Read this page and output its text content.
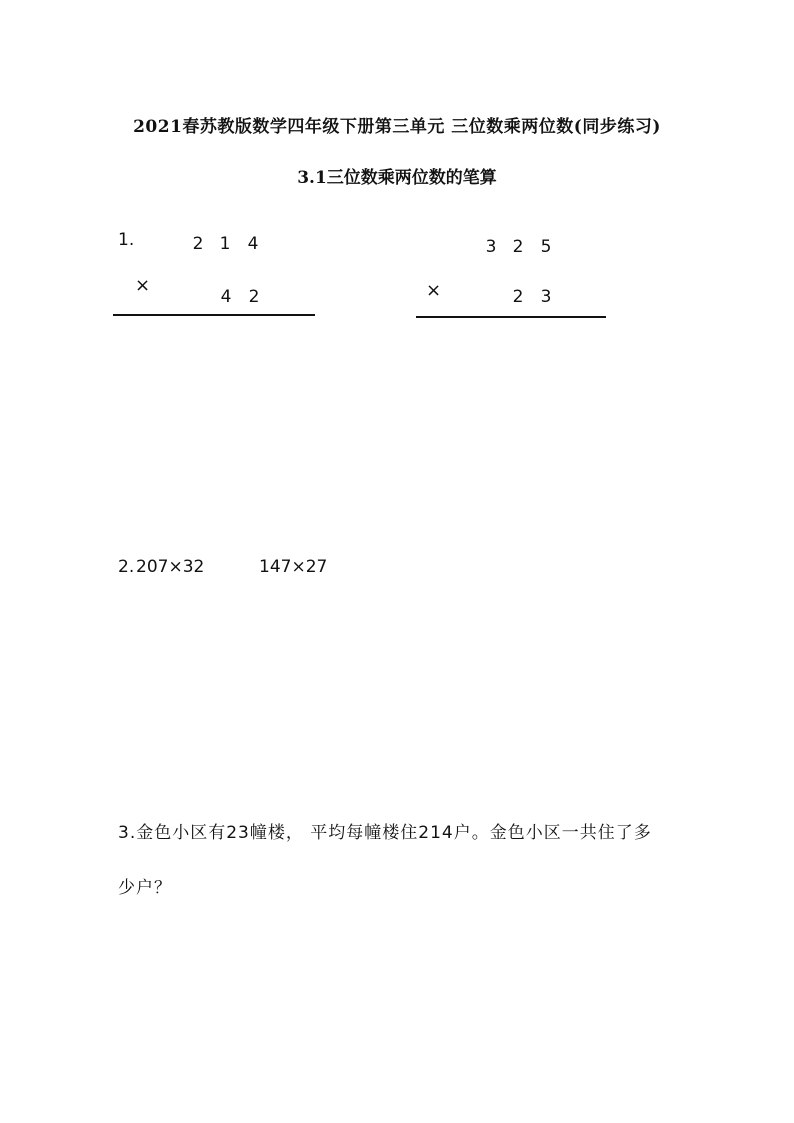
2021春苏教版数学四年级下册第三单元 三位数乘两位数(同步练习)
3.1三位数乘两位数的笔算
1.	2 1 4
×
4 2
3 2 5
×	2 3
2. 207×32	147×27
3.金色小区有23幢楼， 平均每幢楼住214户。金色小区一共住了多
少户？
